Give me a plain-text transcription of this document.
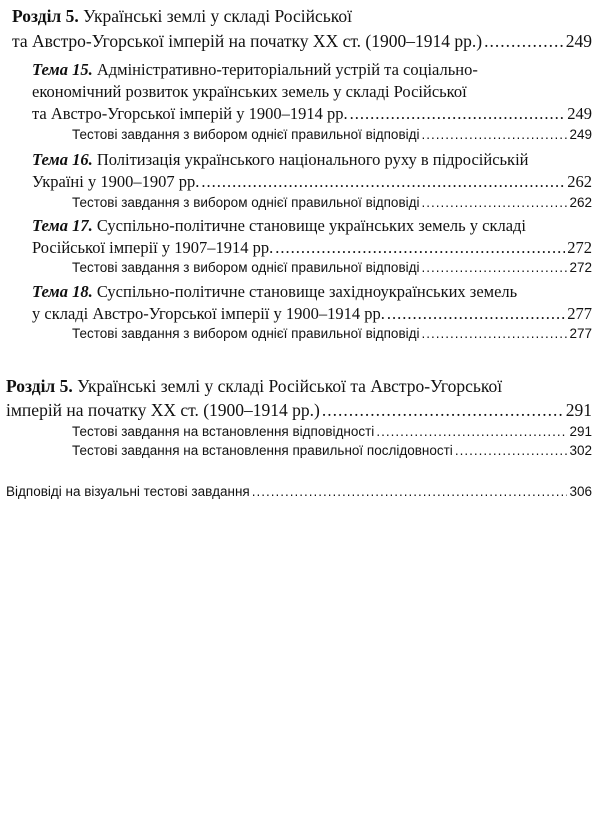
Розділ 5. Українські землі у складі Російської
та Австро-Угорської імперій на початку XX ст. (1900–1914 рр.) .....	249
Тема 15. Адміністративно-територіальний устрій та соціально-
економічний розвиток українських земель у складі Російської
та Австро-Угорської імперій у 1900–1914 рр. .....	249
Тестові завдання з вибором однієї правильної відповіді .....	249
Тема 16. Політизація українського національного руху в підросійській
Україні у 1900–1907 рр. .....	262
Тестові завдання з вибором однієї правильної відповіді .....	262
Тема 17. Суспільно-політичне становище українських земель у складі
Російської імперії у 1907–1914 рр. .....	272
Тестові завдання з вибором однієї правильної відповіді .....	272
Тема 18. Суспільно-політичне становище західноукраїнських земель
у складі Австро-Угорської імперії у 1900–1914 рр. .....	277
Тестові завдання з вибором однієї правильної відповіді .....	277
Розділ 5. Українські землі у складі Російської та Австро-Угорської
імперій на початку XX ст. (1900–1914 рр.) .....	291
Тестові завдання на встановлення відповідності .....	291
Тестові завдання на встановлення правильної послідовності .....	302
Відповіді на візуальні тестові завдання .....	306
